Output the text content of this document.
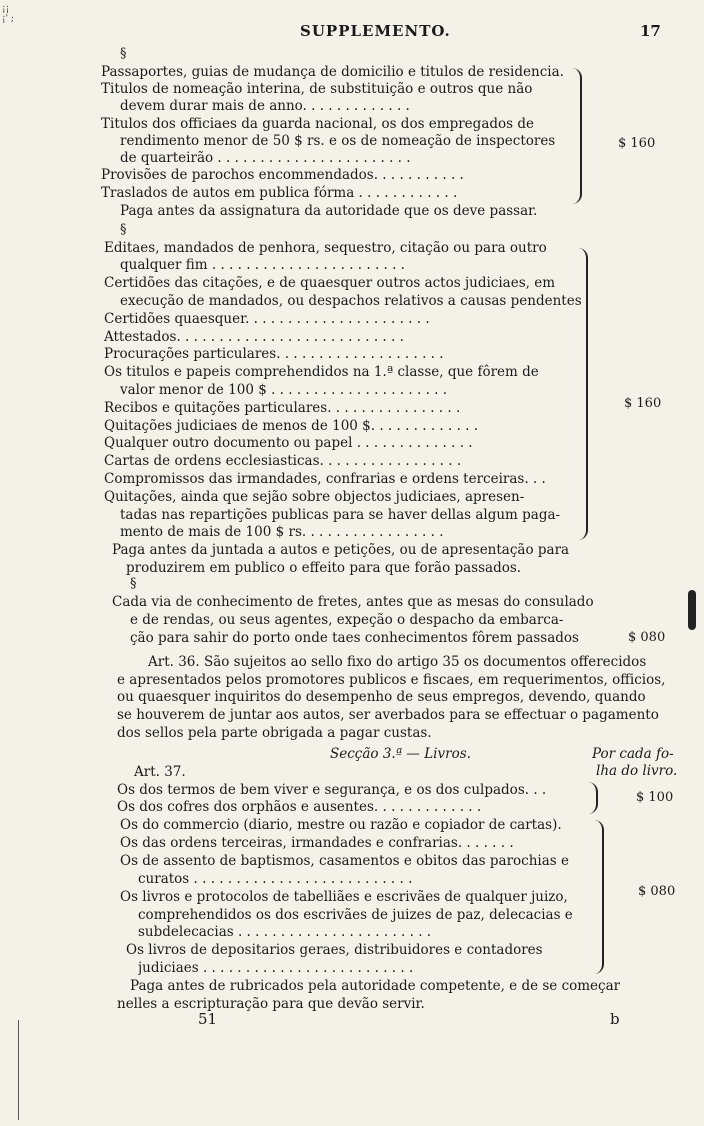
SUPPLEMENTO.	17
¡¡ ¡' ;
§
Passaportes, guias de mudança de domicilio e titulos de residencia.
Titulos de nomeação interina, de substituição e outros que não
devem durar mais de anno. . . . . . . . . . . . .
Titulos dos officiaes da guarda nacional, os dos empregados de
rendimento menor de 50 $ rs. e os de nomeação de inspectores
de quarteirão . . . . . . . . . . . . . . . . . . . . . . .
Provisões de parochos encommendados. . . . . . . . . . .
Traslados de autos em publica fórma . . . . . . . . . . . .
Paga antes da assignatura da autoridade que os deve passar.
$ 160
§
Editaes, mandados de penhora, sequestro, citação ou para outro
qualquer fim . . . . . . . . . . . . . . . . . . . . . . .
Certidões das citações, e de quaesquer outros actos judiciaes, em
execução de mandados, ou despachos relativos a causas pendentes
Certidões quaesquer. . . . . . . . . . . . . . . . . . . . . .
Attestados. . . . . . . . . . . . . . . . . . . . . . . . . . .
Procurações particulares. . . . . . . . . . . . . . . . . . . .
Os titulos e papeis comprehendidos na 1.ª classe, que fôrem de
valor menor de 100 $ . . . . . . . . . . . . . . . . . . . . .
Recibos e quitações particulares. . . . . . . . . . . . . . . .
Quitações judiciaes de menos de 100 $. . . . . . . . . . . . .
Qualquer outro documento ou papel . . . . . . . . . . . . . .
Cartas de ordens ecclesiasticas. . . . . . . . . . . . . . . . .
Compromissos das irmandades, confrarias e ordens terceiras. . .
Quitações, ainda que sejão sobre objectos judiciaes, apresen-
tadas nas repartições publicas para se haver dellas algum paga-
mento de mais de 100 $ rs. . . . . . . . . . . . . . . . .
Paga antes da juntada a autos e petições, ou de apresentação para
produzirem em publico o effeito para que forão passados.
$ 160
§
Cada via de conhecimento de fretes, antes que as mesas do consulado
e de rendas, ou seus agentes, expeção o despacho da embarca-
ção para sahir do porto onde taes conhecimentos fôrem passados	$ 080
Art. 36. São sujeitos ao sello fixo do artigo 35 os documentos offerecidos
e apresentados pelos promotores publicos e fiscaes, em requerimentos, officios,
ou quaesquer inquiritos do desempenho de seus empregos, devendo, quando
se houverem de juntar aos autos, ser averbados para se effectuar o pagamento
dos sellos pela parte obrigada a pagar custas.
Secção 3.ª — Livros.	Por cada fo-
lha do livro.
Art. 37.
Os dos termos de bem viver e segurança, e os dos culpados. . .
Os dos cofres dos orphãos e ausentes. . . . . . . . . . . . .
$ 100
Os do commercio (diario, mestre ou razão e copiador de cartas).
Os das ordens terceiras, irmandades e confrarias. . . . . . .
Os de assento de baptismos, casamentos e obitos das parochias e
curatos . . . . . . . . . . . . . . . . . . . . . . . . . .
Os livros e protocolos de tabelliães e escrivães de qualquer juizo,
comprehendidos os dos escrivães de juizes de paz, delecacias e
subdelecacias . . . . . . . . . . . . . . . . . . . . . . .
Os livros de depositarios geraes, distribuidores e contadores
judiciaes . . . . . . . . . . . . . . . . . . . . . . . . .
$ 080
Paga antes de rubricados pela autoridade competente, e de se começar
nelles a escripturação para que devão servir.
51	b
